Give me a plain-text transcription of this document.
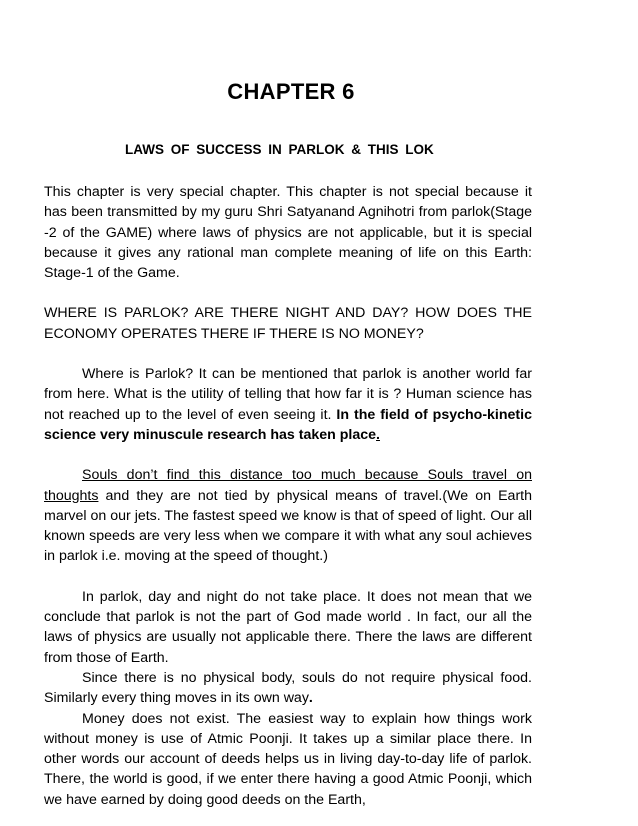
CHAPTER 6
LAWS OF SUCCESS IN PARLOK & THIS LOK

This chapter is very special chapter. This chapter is not special because it has been transmitted by my guru Shri Satyanand Agnihotri from parlok(Stage -2 of the GAME) where laws of physics are not applicable, but it is special because it gives any rational man complete meaning of life on this Earth: Stage-1 of the Game.

WHERE IS PARLOK? ARE THERE NIGHT AND DAY? HOW DOES THE ECONOMY OPERATES THERE IF THERE IS NO MONEY?

Where is Parlok? It can be mentioned that parlok is another world far from here. What is the utility of telling that how far it is ? Human science has not reached up to the level of even seeing it. In the field of psycho-kinetic science very minuscule research has taken place.

Souls don’t find this distance too much because Souls travel on thoughts and they are not tied by physical means of travel.(We on Earth marvel on our jets. The fastest speed we know is that of speed of light. Our all known speeds are very less when we compare it with what any soul achieves in parlok i.e. moving at the speed of thought.)

In parlok, day and night do not take place. It does not mean that we conclude that parlok is not the part of God made world . In fact, our all the laws of physics are usually not applicable there. There the laws are different from those of Earth.

Since there is no physical body, souls do not require physical food. Similarly every thing moves in its own way.

Money does not exist. The easiest way to explain how things work without money is use of Atmic Poonji. It takes up a similar place there. In other words our account of deeds helps us in living day-to-day life of parlok. There, the world is good, if we enter there having a good Atmic Poonji, which we have earned by doing good deeds on the Earth,
